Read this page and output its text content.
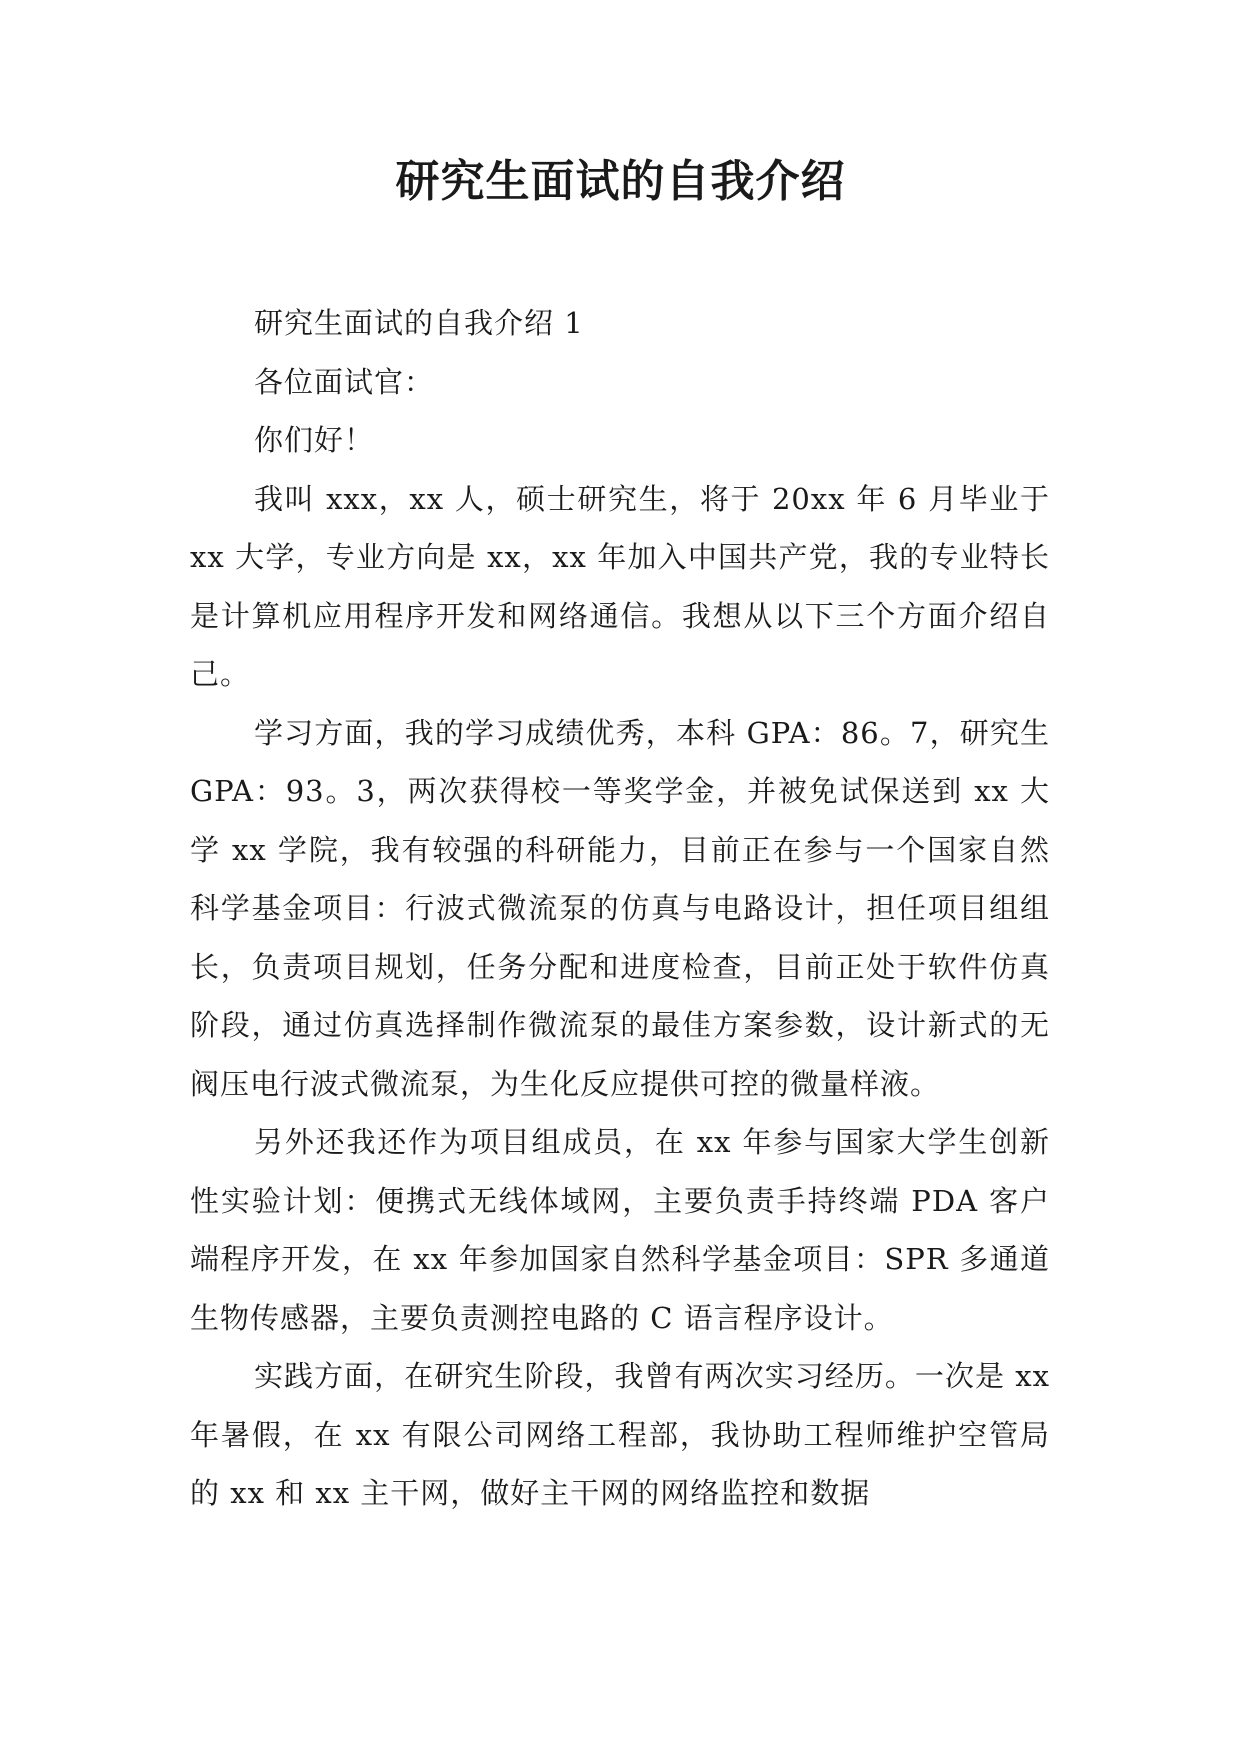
研究生面试的自我介绍

研究生面试的自我介绍 1

各位面试官：

你们好！

我叫 xxx，xx 人，硕士研究生，将于 20xx 年 6 月毕业于 xx 大学，专业方向是 xx，xx 年加入中国共产党，我的专业特长是计算机应用程序开发和网络通信。我想从以下三个方面介绍自己。

学习方面，我的学习成绩优秀，本科 GPA：86。7，研究生 GPA：93。3，两次获得校一等奖学金，并被免试保送到 xx 大学 xx 学院，我有较强的科研能力，目前正在参与一个国家自然科学基金项目：行波式微流泵的仿真与电路设计，担任项目组组长，负责项目规划，任务分配和进度检查，目前正处于软件仿真阶段，通过仿真选择制作微流泵的最佳方案参数，设计新式的无阀压电行波式微流泵，为生化反应提供可控的微量样液。

另外还我还作为项目组成员，在 xx 年参与国家大学生创新性实验计划：便携式无线体域网，主要负责手持终端 PDA 客户端程序开发，在 xx 年参加国家自然科学基金项目：SPR 多通道生物传感器，主要负责测控电路的 C 语言程序设计。

实践方面，在研究生阶段，我曾有两次实习经历。一次是 xx 年暑假，在 xx 有限公司网络工程部，我协助工程师维护空管局的 xx 和 xx 主干网，做好主干网的网络监控和数据
